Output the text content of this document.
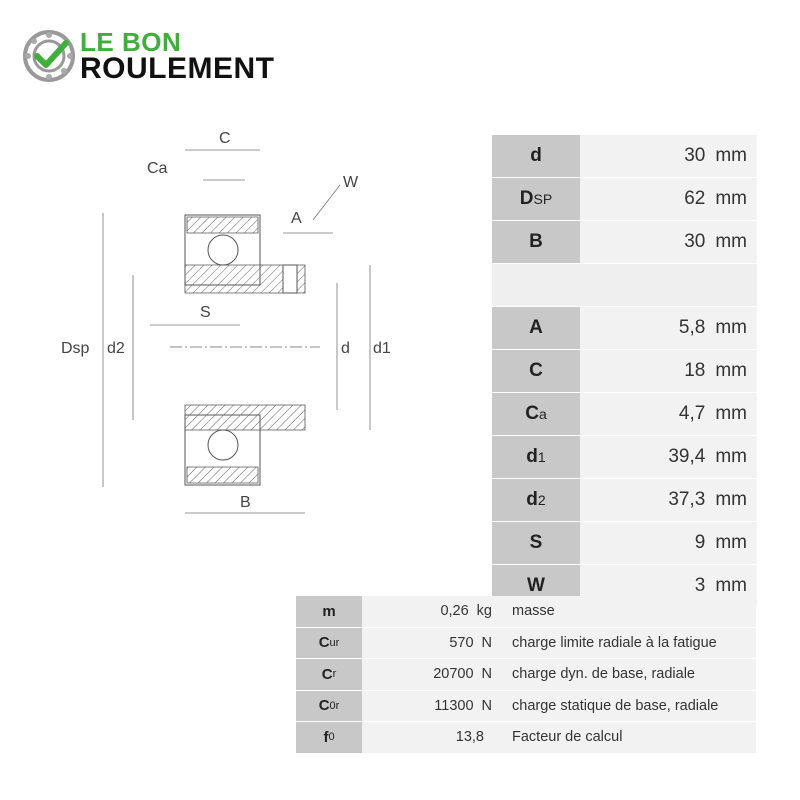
LE BON
ROULEMENT
C
Ca
W
A
Dsp d2
S
d d1
B
d	30 mm
D SP	62 mm
B	30 mm
A	5,8 mm
C	18 mm
C a	4,7 mm
d 1	39,4 mm
d 2	37,3 mm
S	9 mm
W	3 mm
m	0,26 kg	masse
C ur	570 N	charge limite radiale à la fatigue
C r	20700 N	charge dyn. de base, radiale
C 0r	11300 N	charge statique de base, radiale
f 0	13,8	Facteur de calcul
